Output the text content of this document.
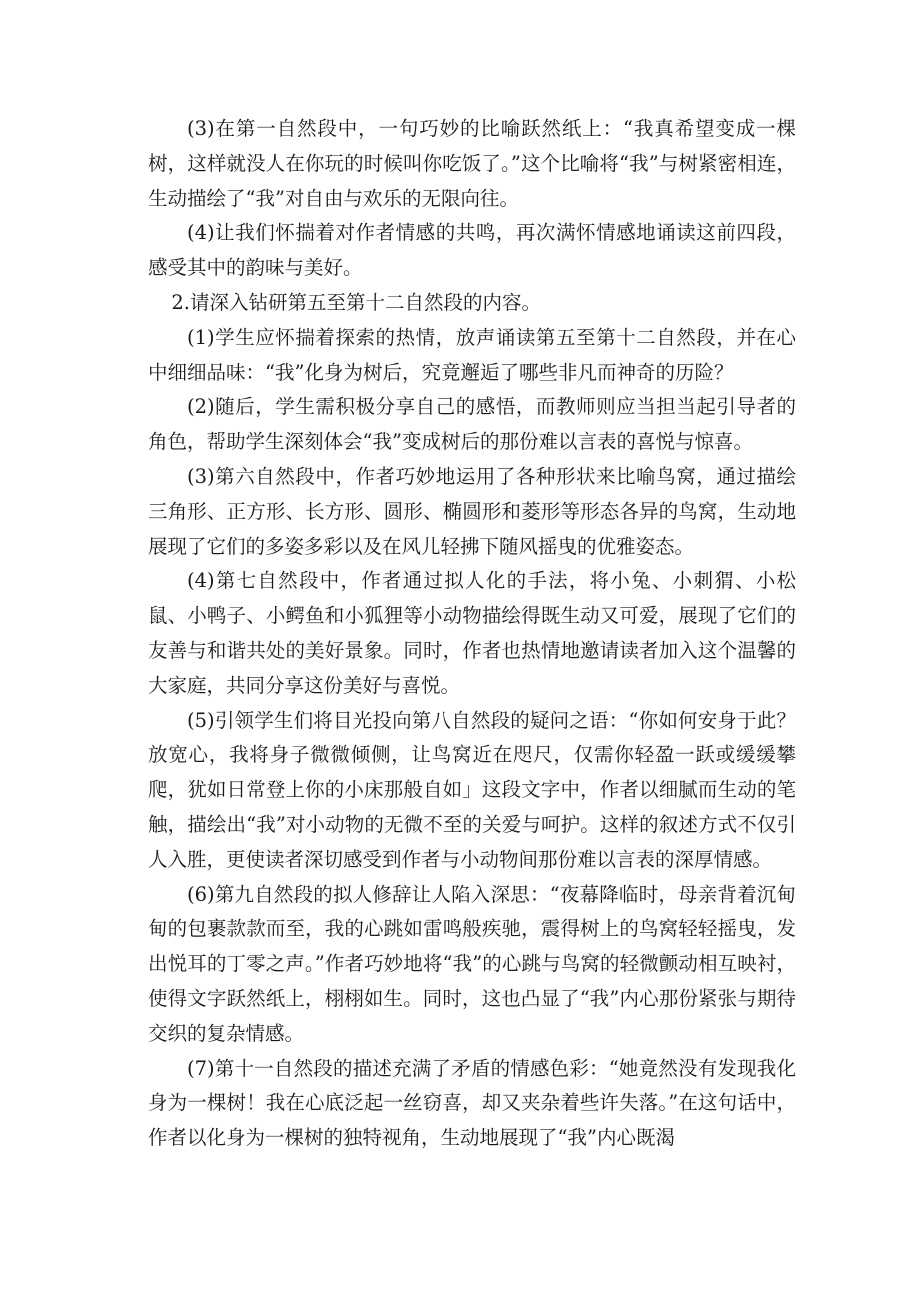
(3)在第一自然段中，一句巧妙的比喻跃然纸上：“我真希望变成一棵树，这样就没人在你玩的时候叫你吃饭了。”这个比喻将“我”与树紧密相连，生动描绘了“我”对自由与欢乐的无限向往。

(4)让我们怀揣着对作者情感的共鸣，再次满怀情感地诵读这前四段，感受其中的韵味与美好。

2.请深入钻研第五至第十二自然段的内容。

(1)学生应怀揣着探索的热情，放声诵读第五至第十二自然段，并在心中细细品味：“我”化身为树后，究竟邂逅了哪些非凡而神奇的历险？

(2)随后，学生需积极分享自己的感悟，而教师则应当担当起引导者的角色，帮助学生深刻体会“我”变成树后的那份难以言表的喜悦与惊喜。

(3)第六自然段中，作者巧妙地运用了各种形状来比喻鸟窝，通过描绘三角形、正方形、长方形、圆形、椭圆形和菱形等形态各异的鸟窝，生动地展现了它们的多姿多彩以及在风儿轻拂下随风摇曳的优雅姿态。

(4)第七自然段中，作者通过拟人化的手法，将小兔、小刺猬、小松鼠、小鸭子、小鳄鱼和小狐狸等小动物描绘得既生动又可爱，展现了它们的友善与和谐共处的美好景象。同时，作者也热情地邀请读者加入这个温馨的大家庭，共同分享这份美好与喜悦。

(5)引领学生们将目光投向第八自然段的疑问之语：“你如何安身于此？放宽心，我将身子微微倾侧，让鸟窝近在咫尺，仅需你轻盈一跃或缓缓攀爬，犹如日常登上你的小床那般自如」这段文字中，作者以细腻而生动的笔触，描绘出“我”对小动物的无微不至的关爱与呵护。这样的叙述方式不仅引人入胜，更使读者深切感受到作者与小动物间那份难以言表的深厚情感。

(6)第九自然段的拟人修辞让人陷入深思：“夜幕降临时，母亲背着沉甸甸的包裹款款而至，我的心跳如雷鸣般疾驰，震得树上的鸟窝轻轻摇曳，发出悦耳的丁零之声。”作者巧妙地将“我”的心跳与鸟窝的轻微颤动相互映衬，使得文字跃然纸上，栩栩如生。同时，这也凸显了“我”内心那份紧张与期待交织的复杂情感。

(7)第十一自然段的描述充满了矛盾的情感色彩：“她竟然没有发现我化身为一棵树！我在心底泛起一丝窃喜，却又夹杂着些许失落。”在这句话中，作者以化身为一棵树的独特视角，生动地展现了“我”内心既渴
